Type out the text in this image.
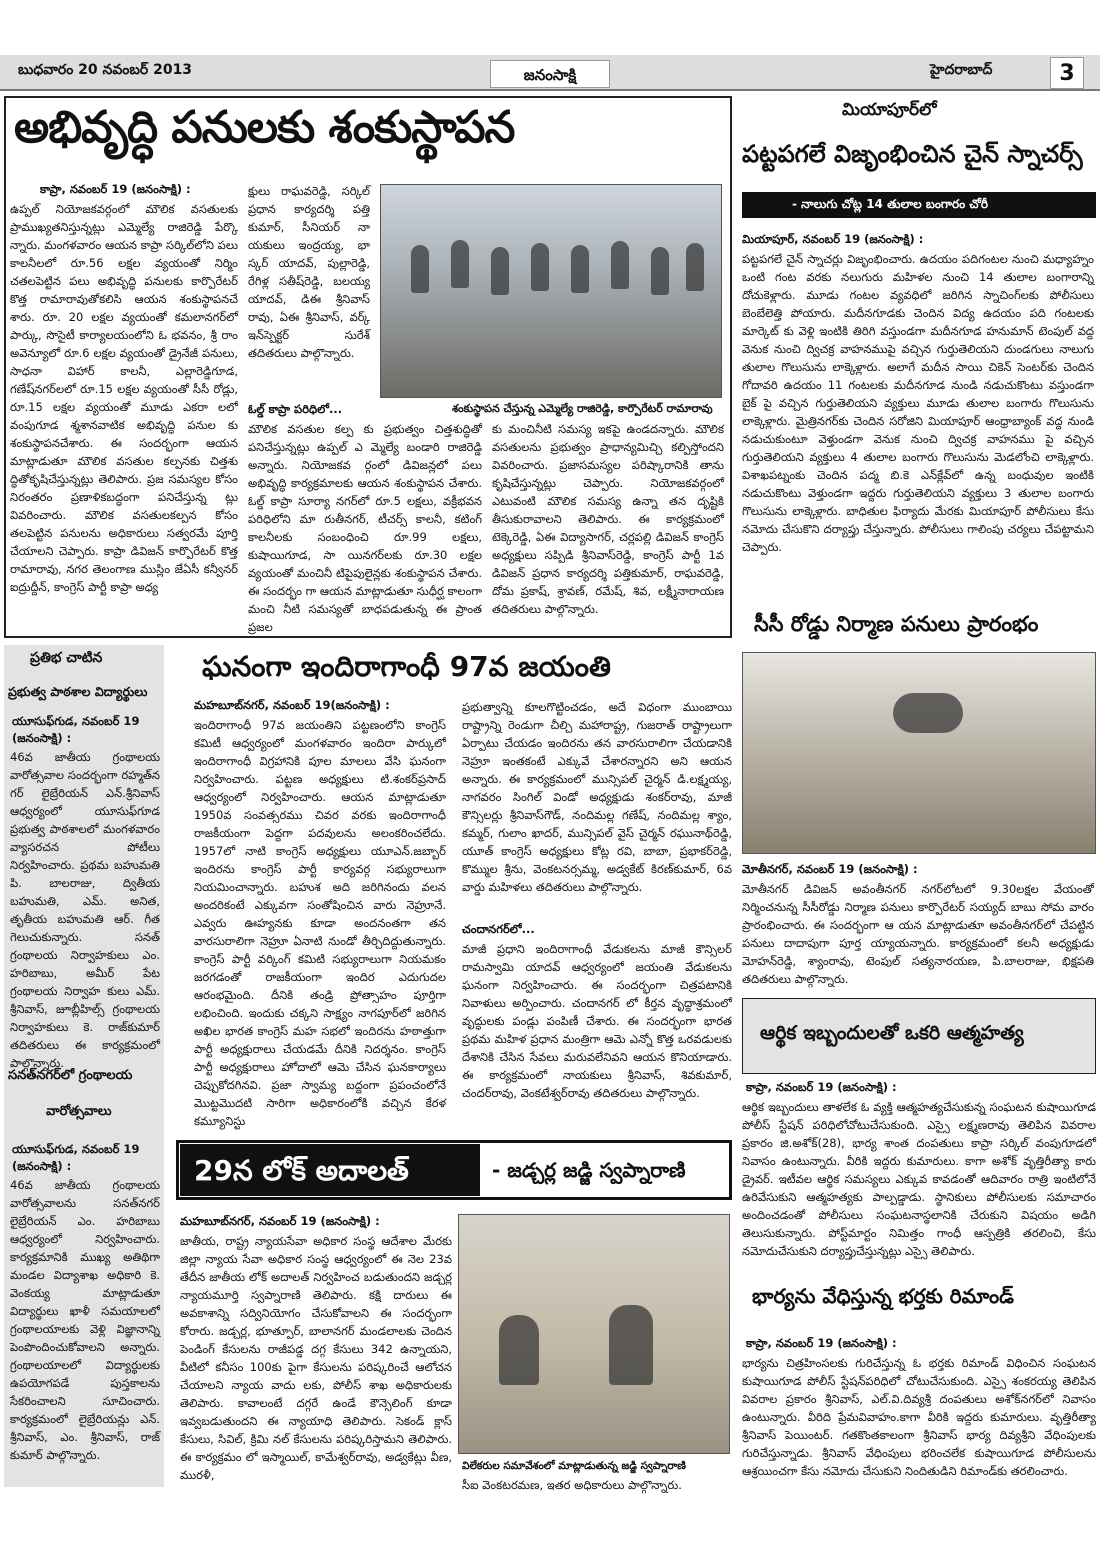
బుధవారం 20 నవంబర్ 2013	జనంసాక్షి	హైదరాబాద్	3
అభివృద్ధి పనులకు శంకుస్థాపన
కాప్రా, నవంబర్ 19 (జనంసాక్షి) :
ఉప్పల్ నియోజకవర్గంలో మౌలిక వసతులకు ప్రాముఖ్యతనిస్తున్నట్లు ఎమ్మెల్యే రాజిరెడ్డి పేర్కొ న్నారు. మంగళవారం ఆయన కాప్రా సర్కిల్‌లోని పలు కాలనీలలో రూ.56 లక్షల వ్యయంతో నిర్మిం చతలపెట్టిన పలు అభివృద్ధి పనులకు కార్పొరేటర్ కొత్త రామారావుతోకలిసి ఆయన శంకుస్థాపనచే శారు. రూ. 20 లక్షల వ్యయంతో కమలానగర్‌లో పార్కు, సొసైటీ కార్యాలయంలోని ఓ భవనం, శ్రీ రాం అవెన్యూలో రూ.6 లక్షల వ్యయంతో డ్రైనేజీ పనులు, సాధనా విహార్ కాలనీ, ఎల్లారెడ్డిగూడ, గణేష్‌నగర్‌లలో రూ.15 లక్షల వ్యయంతో సీసీ రోడ్లు, రూ.15 లక్షల వ్యయంతో మూడు ఎకరా లలో వంపుగూడ శ్మశానవాటిక అభివృద్ధి పనుల కు శంకుస్థాపనచేశారు. ఈ సందర్భంగా ఆయన మాట్లాడుతూ మౌలిక వసతుల కల్పనకు చిత్తశు ద్ధితోకృషిచేస్తున్నట్లు తెలిపారు. ప్రజ సమస్యల కోసం నిరంతరం ప్రణాళికబద్ధంగా పనిచేస్తున్న ట్లు వివరించారు. మౌలిక వసతులకల్పన కోసం తలపెట్టిన పనులను అధికారులు సత్వరమే పూర్తి చేయాలని చెప్పారు. కాప్రా డివిజన్ కార్పొరేటర్ కొత్త రామారావు, నగర తెలంగాణ ముస్లిం జేఏసీ కన్వీనర్ ఐద్రుద్దీన్, కాంగ్రెస్ పార్టీ కాప్రా అధ్య
క్షులు రాఘవరెడ్డి, సర్కిల్ ప్రధాన కార్యదర్శి పత్తి కుమార్, సీనియర్ నా యకులు ఇంద్రయ్య, భా స్కర్ యాదవ్, పుల్లారెడ్డి, రేగిళ్ల సతీష్‌రెడ్డి, బలయ్య యాదవ్, డిఈ శ్రీనివాస్ రావు, ఏఈ శ్రీనివాస్, వర్క్ ఇన్‌స్పెక్టర్ సురేశ్ తదితరులు పాల్గొన్నారు.
ఓల్డ్ కాప్రా పరిధిలో...
మౌలిక వసతుల కల్ప కు ప్రభుత్వం చిత్తశుద్ధితో పనిచేస్తున్నట్లు ఉప్పల్ ఎ మ్మెల్యే బండారి రాజిరెడ్డి అన్నారు. నియోజకవ ర్గంలో డివిజన్లలో పలు అభివృద్ధి కార్యక్రమాలకు ఆయన శంకుస్థాపన చేశారు. ఓల్డ్ కాప్రా సూర్యా నగర్‌లో రూ.5 లక్షలు, వక్రీభవన పరిధిలోని మా రుతీనగర్, టీచర్స్ కాలనీ, కటింగ్ కాలనీలకు సంబంధించి రూ.99 లక్షలు, కుషాయిగూడ, సా యినగర్‌లకు రూ.30 లక్షల వ్యయంతో మంచినీ టిపైపులైన్లకు శంకుస్థాపన చేశారు. ఈ సందర్భం గా ఆయన మాట్లాడుతూ సుధీర్ఘ కాలంగా మంచి నీటి సమస్యతో బాధపడుతున్న ఈ ప్రాంత ప్రజల
శంకుస్థాపన చేస్తున్న ఎమ్మెల్యే రాజిరెడ్డి, కార్పొరేటర్ రామారావు
కు మంచినీటి సమస్య ఇకపై ఉండదన్నారు. మౌలిక వసతులను ప్రభుత్వం ప్రాధాన్యమిచ్చి కల్పిస్తోందని వివరించారు. ప్రజాసమస్యల పరిష్కారానికి తాను కృషిచేస్తున్నట్లు చెప్పారు. నియోజకవర్గంలో ఎటువంటి మౌలిక సమస్య ఉన్నా తన దృష్టికి తీసుకురావాలని తెలిపారు. ఈ కార్యక్రమంలో టెక్కెరెడ్డి, ఏఈ విద్యాసాగర్, చర్లపల్లి డివిజన్ కాంగ్రెస్ అధ్యక్షులు సప్పిడి శ్రీనివాస్‌రెడ్డి, కాంగ్రెస్ పార్టీ 1వ డివిజన్ ప్రధాన కార్యదర్శి పత్తికుమార్, రాఘవరెడ్డి, దోమ ప్రకాష్, శ్రావణ్, రమేష్, శివ, లక్ష్మీనారాయణ తదితరులు పాల్గొన్నారు.
మియాపూర్‌లో
పట్టపగలే విజృంభించిన చైన్ స్నాచర్స్
- నాలుగు చోట్ల 14 తులాల బంగారం చోరీ
మియాపూర్, నవంబర్ 19 (జనంసాక్షి) :
పట్టపగలే చైన్ స్నాచర్లు విజృంభించారు. ఉదయం పదిగంటల నుంచి మధ్యాహ్నం ఒంటి గంట వరకు నలుగురు మహిళల నుంచి 14 తులాల బంగారాన్ని దోచుకెళ్లారు. మూడు గంటల వ్యవధిలో జరిగిన స్నాచింగ్‌లకు పోలీసులు బెంబేలెత్తి పోయారు. మదీనగూడకు చెందిన విద్య ఉదయం పది గంటలకు మార్కెట్ కు వెళ్లి ఇంటికి తిరిగి వస్తుండగా మదీనగూడ హనుమాన్ టెంపుల్ వద్ద వెనుక నుంచి ద్విచక్ర వాహనముపై వచ్చిన గుర్తుతెలియని దుండగులు నాలుగు తులాల గొలుసును లాక్కెళ్లారు. అలాగే మదీన సాయి చికెన్ సెంటర్‌కు చెందిన గోదావరి ఉదయం 11 గంటలకు మదీనగూడ నుండి నడుచుకొంటు వస్తుండగా బైక్ పై వచ్చిన గుర్తుతెలియని వ్యక్తులు మూడు తులాల బంగారు గొలుసును లాక్కెళ్లారు. మైత్రినగర్‌కు చెందిన సరోజిని మియాపూర్ ఆంధ్రాబ్యాంక్ వద్ద నుండి నడుచుకుంటూ వెళ్తుండగా వెనుక నుంచి ద్విచక్ర వాహనము పై వచ్చిన గుర్తుతెలియని వ్యక్తులు 4 తులాల బంగారు గొలుసును మెడలోంచి లాక్కెళ్లారు. విశాఖపట్నంకు చెందిన పద్మ బి.కె ఎన్‌క్లేవ్‌లో ఉన్న బంధువుల ఇంటికి నడుచుకొంటు వెళ్తుండగా ఇద్దరు గుర్తుతెలియని వ్యక్తులు 3 తులాల బంగారు గొలుసును లాక్కెళ్లారు. బాధితుల ఫిర్యాదు మేరకు మియాపూర్ పోలీసులు కేసు నమోదు చేసుకొని దర్యాప్తు చేస్తున్నారు. పోలీసులు గాలింపు చర్యలు చేపట్టామని చెప్పారు.
సీసీ రోడ్డు నిర్మాణ పనులు ప్రారంభం
మోతీనగర్, నవంబర్ 19 (జనంసాక్షి) :
మోతీనగర్ డివిజన్ అవంతీనగర్ నగర్‌లోటలో 9.30లక్షల వేయంతో నిర్మించనున్న సీసీరోడ్డు నిర్మాణ పనులు కార్పొరేటర్ సయ్యద్ బాబు సోమ వారం ప్రారంభించారు. ఈ సందర్భంగా ఆ యన మాట్లాడుతూ అవంతీనగర్‌లో చేపట్టిన పనులు దాదాపుగా పూర్త య్యాయన్నారు. కార్యక్రమంలో కలనీ అధ్యక్షుడు మోహన్‌రెడ్డి, శ్యాంరావు, టెంపుల్ సత్యనారయణ, పి.బాలరాజు, భిక్షపతి తదితరులు పాల్గొన్నారు.
ప్రతిభ చాటిన
ప్రభుత్వ పాఠశాల విద్యార్థులు
యూసుఫ్‌గుడ, నవంబర్ 19 (జనంసాక్షి) :
46వ జాతీయ గ్రంథాలయ వారోత్సవాల సందర్భంగా రహ్మత్‌న గర్ లైబ్రేరియన్ ఎన్.శ్రీనివాస్ ఆధ్వర్యంలో యూసుఫ్‌గూడ ప్రభుత్వ పాఠశాలలో మంగళవారం వ్యాసరచన పోటీలు నిర్వహించారు. ప్రథమ బహుమతి పి. బాలరాజు, ద్వితీయ బహుమతి, ఎమ్. అనిత, తృతీయ బహుమతి ఆర్. గీత గెలుచుకున్నారు. సనత్ గ్రంథాలయ నిర్వాహకులు ఎం. హరిబాబు, అమీర్ పేట గ్రంథాలయ నిర్వాహ కులు ఎమ్. శ్రీనివాస్, జూబ్లీహిల్స్ గ్రంథాలయ నిర్వాహకులు కె. రాజ్‌కుమార్ తదితరులు ఈ కార్యక్రమంలో పాల్గొన్నారు.
సనత్‌నగర్‌లో గ్రంథాలయ
వారోత్సవాలు
యూసుఫ్‌గుడ, నవంబర్ 19 (జనంసాక్షి) :
46వ జాతీయ గ్రంథాలయ వారోత్సవాలను సనత్‌నగర్ లైబ్రేరియన్ ఎం. హరిబాబు ఆధ్వర్యంలో నిర్వహించారు. కార్యక్రమానికి ముఖ్య అతిథిగా మండల విద్యాశాఖ అధికారి కె. వెంకయ్య మాట్లాడుతూ విద్యార్థులు ఖాళీ సమయాలలో గ్రంథాలయాలకు వెళ్లి విజ్ఞానాన్ని పెంపొందించుకోవాలని అన్నారు. గ్రంథాలయాలలో విద్యార్థులకు ఉపయోగపడే పుస్తకాలను సేకరించాలని సూచించారు. కార్యక్రమంలో లైబ్రేరియన్లు ఎన్. శ్రీనివాస్, ఎం. శ్రీనివాస్, రాజ్ కుమార్ పాల్గొన్నారు.
ఘనంగా ఇందిరాగాంధీ 97వ జయంతి
మహబూబ్‌నగర్, నవంబర్ 19(జనంసాక్షి) :
ఇందిరాగాంధీ 97వ జయంతిని పట్టణంలోని కాంగ్రెస్ కమిటీ ఆధ్వర్యంలో మంగళవారం ఇందిరా పార్కులో ఇందిరాగాంధీ విగ్రహానికి పూల మాలలు వేసి ఘనంగా నిర్వహించారు. పట్టణ అధ్యక్షులు టి.శంకర్‌ప్రసాద్ ఆధ్వర్యంలో నిర్వహించారు. ఆయన మాట్లాడుతూ 1950వ సంవత్సరము చివర వరకు ఇందిరాగాంధీ రాజకీయంగా పెద్దగా పదవులను అలంకరించలేదు. 1957లో నాటి కాంగ్రెస్ అధ్యక్షులు యూఎన్.జబ్బార్ ఇందిరను కాంగ్రెస్ పార్టీ కార్యవర్గ సభ్యురాలుగా నియమించాన్నారు. బహుశ అది జరిగినందు వలన అందరికంటే ఎక్కువగా సంతోషించిన వారు నెహ్రూనే. ఎవ్వరు ఊహ్యనకు కూడా అందనంతగా తన వారసురాలిగా నెహ్రూ ఏనాటి నుండో తీర్చిదిద్దుతున్నారు. కాంగ్రెస్ పార్టీ వర్కింగ్ కమిటి సభ్యురాలుగా నియమకం జరగడంతో రాజకీయంగా ఇందిర ఎదుగుదల ఆరంభమైంది. దీనికి తండ్రి ప్రోత్సాహం పూర్తిగా లభించింది. ఇందుకు చక్కని సాక్ష్యం నాగపూర్‌లో జరిగిన అఖిల భారత కాంగ్రెస్ మహ సభలో ఇందిరను హఠాత్తుగా పార్టీ అధ్యక్షురాలు చేయడమే దీనికి నిదర్శనం. కాంగ్రెస్ పార్టీ అధ్యక్షురాలు హోదాలో ఆమె చేసిన ఘనకార్యాలు చెప్పుకోదగినవి. ప్రజా స్వామ్య బద్దంగా ప్రపంచంలోనే మొట్టమొదటి సారిగా అధికారంలోకి వచ్చిన కేరళ కమ్యూనిస్టు
ప్రభుత్వాన్ని కూలగొట్టించడం, అదే విధంగా ముంబాయి రాష్ట్రాన్ని రెండుగా చీల్చి మహారాష్ట్ర, గుజరాత్ రాష్ట్రాలుగా ఏర్పాటు చేయడం ఇందిరను తన వారసురాలిగా చేయడానికి నెహ్రూ ఇంతకంటే ఎక్కువే చేశారన్నారని అని ఆయన అన్నారు. ఈ కార్యక్రమంలో మున్సిపల్ చైర్మన్ డి.లక్ష్మయ్య, నాగవరం సింగిల్ విండో అధ్యక్షుడు శంకర్‌రావు, మాజీ కౌన్సిలర్లు శ్రీనివాస్‌గౌడ్, నందిమల్ల గణేష్, నందిమల్ల శ్యాం, కమ్మర్, గులాం ఖాదర్, మున్సిపల్ వైస్ చైర్మన్ రఘునాథ్‌రెడ్డి, యూత్ కాంగ్రెస్ అధ్యక్షులు కోట్ల రవి, బాబా, ప్రభాకర్‌రెడ్డి, కొమ్ముల శ్రీను, వెంకటనర్సమ్మ, అడ్వకేట్ కిరణ్‌కుమార్, 6వ వార్డు మహిళలు తదితరులు పాల్గొన్నారు.
చందానగర్‌లో...
మాజీ ప్రధాని ఇందిరాగాంధీ వేడుకలను మాజీ కౌన్సిలర్ రామస్వామి యాదవ్ ఆధ్వర్యంలో జయంతి వేడుకలను ఘనంగా నిర్వహించారు. ఈ సందర్భంగా చిత్రపటానికి నివాళులు అర్పించారు. చందానగర్ లో కీర్తన వృద్ధాశ్రమంలో వృద్ధులకు పండ్లు పంపిణీ చేశారు. ఈ సందర్భంగా భారత ప్రథమ మహిళ ప్రధాన మంత్రిగా ఆమె ఎన్నో కొత్త ఒరవడులకు దేశానికి చేసిన సేవలు మరువలేనివని ఆయన కొనియాడారు. ఈ కార్యక్రమంలో నాయకులు శ్రీనివాస్, శివకుమార్, చందర్‌రావు, వెంకటేశ్వర్‌రావు తదితరులు పాల్గొన్నారు.
29న లోక్ అదాలత్	- జడ్చర్ల జడ్జి స్వప్నారాణి
మహబూబ్‌నగర్, నవంబర్ 19 (జనంసాక్షి) :
జాతీయ, రాష్ట్ర న్యాయసేవా అధికార సంస్థ ఆదేశాల మేరకు జిల్లా న్యాయ సేవా అధికార సంస్థ ఆధ్వర్యంలో ఈ నెల 23వ తేదీన జాతీయ లోక్ అదాలత్ నిర్వహించ బడుతుందని జడ్చర్ల న్యాయమూర్తి స్వప్నారాణి తెలిపారు. కక్షి దారులు ఈ అవకాశాన్ని సద్వినియోగం చేసుకోవాలని ఈ సందర్భంగా కోరారు. జడ్చర్ల, భూత్పూర్, బాలానగర్ మండలాలకు చెందిన పెండింగ్ కేసులను రాజీపడ్డ దగ్గ కేసులు 342 ఉన్నాయని, వీటిలో కనీసం 100కు పైగా కేసులను పరిష్కరించే ఆలోచన చేయాలని న్యాయ వాదు లకు, పోలీస్ శాఖ అధికారులకు తెలిపారు. కావాలంటే దగ్గరే ఉండే కౌన్సెలింగ్ కూడా ఇవ్వబడుతుందని ఈ న్యాయాధి తెలిపారు. సెకండ్ క్లాస్ కేసులు, సివిల్, క్రిమి నల్ కేసులను పరిష్కరిస్తామని తెలిపారు. ఈ కార్యక్రమం లో ఇస్మాయిల్, కామేశ్వర్‌రావు, అడ్వకేట్లు వీణ, మురళీ,
విలేకరుల సమావేశంలో మాట్లాడుతున్న జడ్జి స్వప్నారాణి
సీఐ వెంకటరమణ, ఇతర అధికారులు పాల్గొన్నారు.
ఆర్థిక ఇబ్బందులతో ఒకరి ఆత్మహత్య
కాప్రా, నవంబర్ 19 (జనంసాక్షి) :
ఆర్థిక ఇబ్బందులు తాళలేక ఓ వ్యక్తి ఆత్మహత్యచేసుకున్న సంఘటన కుషాయిగూడ పోలీస్ స్టేషన్ పరిధిలోచోటుచేసుకుంది. ఎస్సై లక్ష్మణరావు తెలిపిన వివరాల ప్రకారం జి.అశోక్(28), భార్య శాంత దంపతులు కాప్రా సర్కిల్ వంపుగూడలో నివాసం ఉంటున్నారు. వీరికి ఇద్దరు కుమారులు. కాగా అశోక్ వృత్తిరీత్యా కారు డ్రైవర్. ఇటీవల ఆర్థిక సమస్యలు ఎక్కువ కావడంతో ఆదివారం రాత్రి ఇంటిలోనే ఉరివేసుకుని ఆత్మహత్యకు పాల్పడ్డాడు. స్థానికులు పోలీసులకు సమాచారం అందించడంతో పోలీసులు సంఘటనాస్థలానికి చేరుకుని విషయం అడిగి తెలుసుకున్నారు. పోస్ట్‌మార్టం నిమిత్తం గాంధీ ఆస్పత్రికి తరలించి, కేసు నమోదుచేసుకుని దర్యాప్తుచేస్తున్నట్లు ఎస్సై తెలిపారు.
భార్యను వేధిస్తున్న భర్తకు రిమాండ్
కాప్రా, నవంబర్ 19 (జనంసాక్షి) :
భార్యను చిత్రహింసలకు గురిచేస్తున్న ఓ భర్తకు రిమాండ్ విధించిన సంఘటన కుషాయిగూడ పోలీస్ స్టేషన్‌పరిధిలో చోటుచేసుకుంది. ఎస్సై శంకరయ్య తెలిపిన వివరాల ప్రకారం శ్రీనివాస్, ఎల్.వి.దివ్యశ్రీ దంపతులు అశోక్‌నగర్‌లో నివాసం ఉంటున్నారు. వీరిది ప్రేమవివాహం.కాగా వీరికి ఇద్దరు కుమారులు. వృత్తిరీత్యా శ్రీనివాస్ పెయింటర్. గతకొంతకాలంగా శ్రీనివాస్ భార్య దివ్యశ్రీని వేధింపులకు గురిచేస్తున్నాడు. శ్రీనివాస్ వేధింపులు భరించలేక కుషాయిగూడ పోలీసులను ఆశ్రయించగా కేసు నమోదు చేసుకుని నిందితుడిని రిమాండ్‌కు తరలించారు.
